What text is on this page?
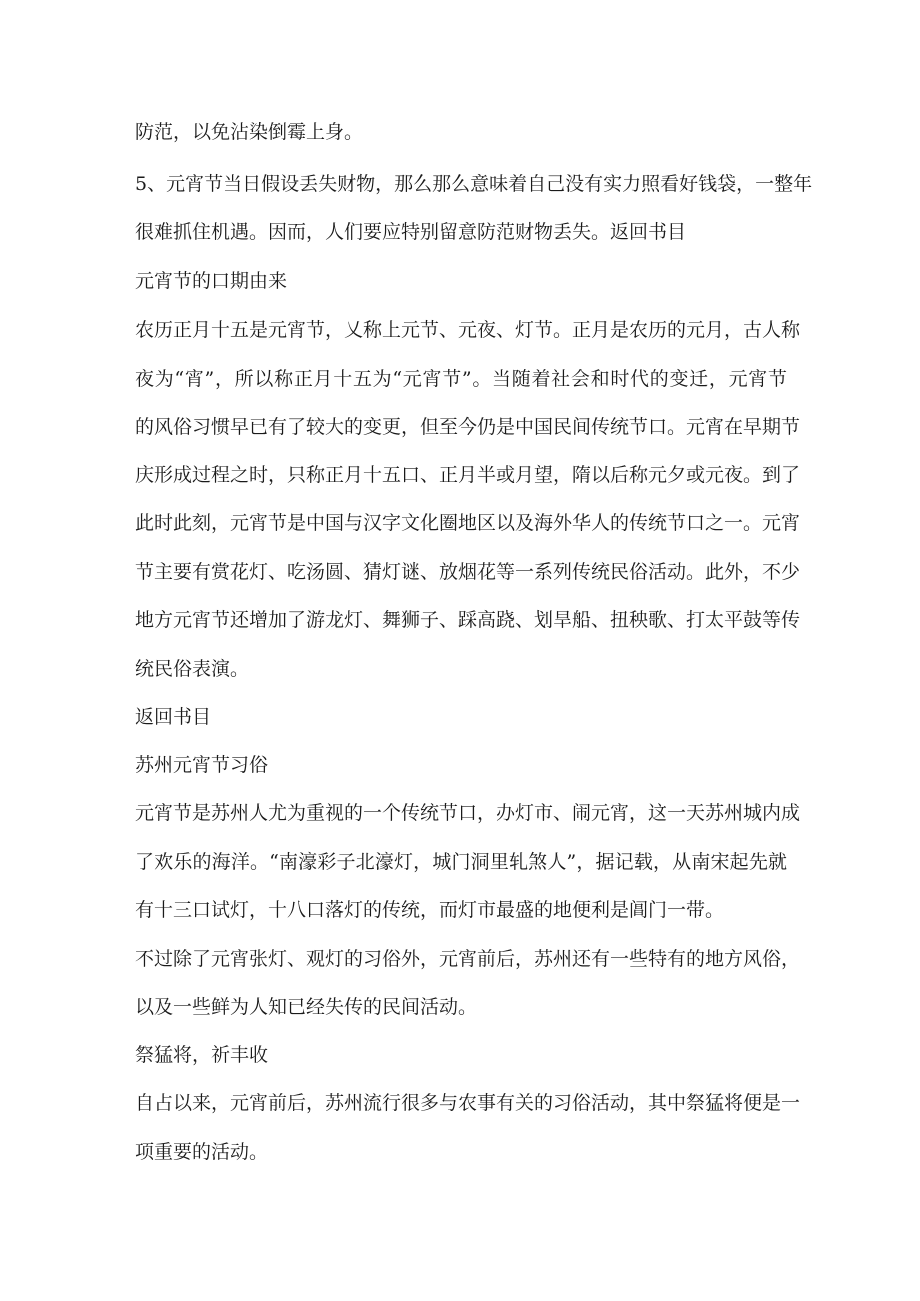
防范，以免沾染倒霉上身。
5、元宵节当日假设丢失财物，那么那么意味着自己没有实力照看好钱袋，一整年
很难抓住机遇。因而，人们要应特别留意防范财物丢失。返回书目
元宵节的口期由来
农历正月十五是元宵节，乂称上元节、元夜、灯节。正月是农历的元月，古人称
夜为“宵”，所以称正月十五为“元宵节”。当随着社会和时代的变迁，元宵节
的风俗习惯早已有了较大的变更，但至今仍是中国民间传统节口。元宵在早期节
庆形成过程之时，只称正月十五口、正月半或月望，隋以后称元夕或元夜。到了
此时此刻，元宵节是中国与汉字文化圈地区以及海外华人的传统节口之一。元宵
节主要有赏花灯、吃汤圆、猜灯谜、放烟花等一系列传统民俗活动。此外，不少
地方元宵节还增加了游龙灯、舞狮子、踩高跷、划旱船、扭秧歌、打太平鼓等传
统民俗表演。
返回书目
苏州元宵节习俗
元宵节是苏州人尤为重视的一个传统节口，办灯市、闹元宵，这一天苏州城内成
了欢乐的海洋。“南濠彩子北濠灯，城门洞里轧煞人”，据记载，从南宋起先就
有十三口试灯，十八口落灯的传统，而灯市最盛的地便利是阊门一带。
不过除了元宵张灯、观灯的习俗外，元宵前后，苏州还有一些特有的地方风俗，
以及一些鲜为人知已经失传的民间活动。
祭猛将，祈丰收
自占以来，元宵前后，苏州流行很多与农事有关的习俗活动，其中祭猛将便是一
项重要的活动。
